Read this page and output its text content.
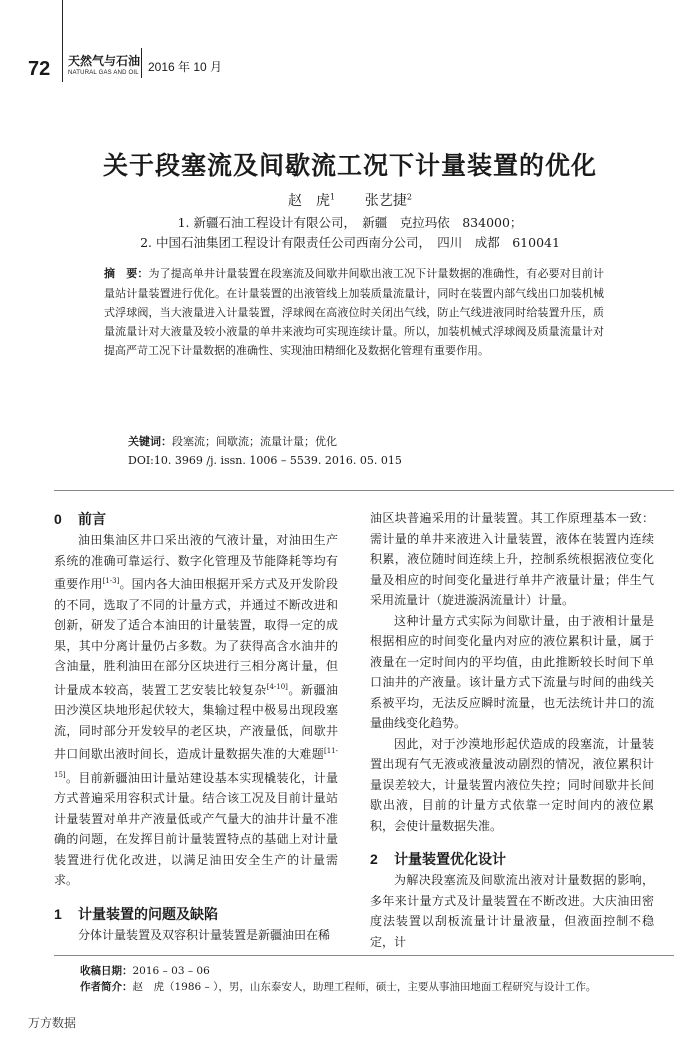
72 天然气与石油
NATURAL GAS AND OIL 2016 年 10 月
关于段塞流及间歇流工况下计量装置的优化
赵　虎$^1$ 张艺捷$^2$
1. 新疆石油工程设计有限公司，　新疆　克拉玛依　834000；
2. 中国石油集团工程设计有限责任公司西南分公司，　四川　成都　610041
摘　要：为了提高单井计量装置在段塞流及间歇井间歇出液工况下计量数据的准确性，有必要对目前计量站计量装置进行优化。在计量装置的出液管线上加装质量流量计，同时在装置内部气线出口加装机械式浮球阀，当大液量进入计量装置，浮球阀在高液位时关闭出气线，防止气线进液同时给装置升压，质量流量计对大液量及较小液量的单井来液均可实现连续计量。所以，加装机械式浮球阀及质量流量计对提高严苛工况下计量数据的准确性、实现油田精细化及数据化管理有重要作用。
关键词：段塞流；间歇流；流量计量；优化
DOI:10. 3969 /j. issn. 1006 – 5539. 2016. 05. 015
0 前言

油田集油区井口采出液的气液计量，对油田生产系统的准确可靠运行、数字化管理及节能降耗等均有重要作用[1-3]。国内各大油田根据开采方式及开发阶段的不同，选取了不同的计量方式，并通过不断改进和创新，研发了适合本油田的计量装置，取得一定的成果，其中分离计量仍占多数。为了获得高含水油井的含油量，胜利油田在部分区块进行三相分离计量，但计量成本较高，装置工艺安装比较复杂[4-10]。新疆油田沙漠区块地形起伏较大，集输过程中极易出现段塞流，同时部分开发较早的老区块，产液量低，间歇井井口间歇出液时间长，造成计量数据失准的大难题[11-15]。目前新疆油田计量站建设基本实现橇装化，计量方式普遍采用容积式计量。结合该工况及目前计量站计量装置对单井产液量低或产气量大的油井计量不准确的问题，在发挥目前计量装置特点的基础上对计量装置进行优化改进，以满足油田安全生产的计量需求。

1 计量装置的问题及缺陷

分体计量装置及双容积计量装置是新疆油田在稀

油区块普遍采用的计量装置。其工作原理基本一致：需计量的单井来液进入计量装置，液体在装置内连续积累，液位随时间连续上升，控制系统根据液位变化量及相应的时间变化量进行单井产液量计量；伴生气采用流量计（旋进漩涡流量计）计量。

这种计量方式实际为间歇计量，由于液相计量是根据相应的时间变化量内对应的液位累积计量，属于液量在一定时间内的平均值，由此推断较长时间下单口油井的产液量。该计量方式下流量与时间的曲线关系被平均，无法反应瞬时流量，也无法统计井口的流量曲线变化趋势。

因此，对于沙漠地形起伏造成的段塞流，计量装置出现有气无液或液量波动剧烈的情况，液位累积计量误差较大，计量装置内液位失控；同时间歇井长间歇出液，目前的计量方式依靠一定时间内的液位累积，会使计量数据失准。

2 计量装置优化设计

为解决段塞流及间歇流出液对计量数据的影响，多年来计量方式及计量装置在不断改进。大庆油田密度法装置以刮板流量计计量液量，但液面控制不稳定，计

收稿日期：2016 – 03 – 06
作者简介：赵　虎（1986 – ），男，山东泰安人，助理工程师，硕士，主要从事油田地面工程研究与设计工作。
万方数据
